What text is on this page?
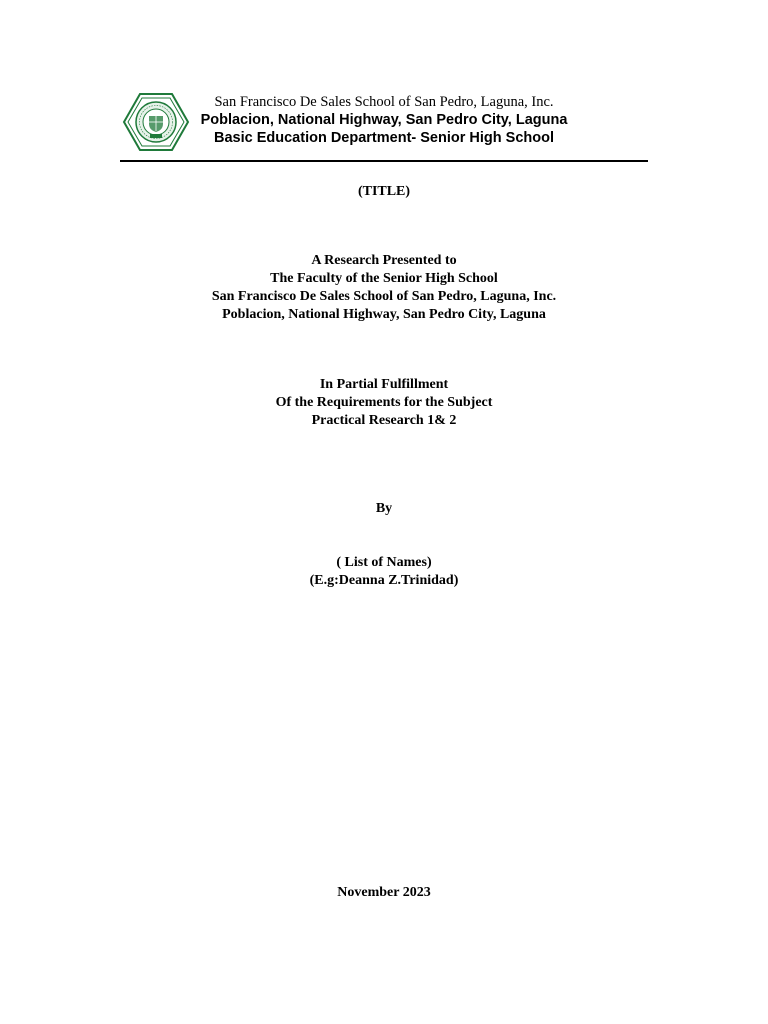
San Francisco De Sales School of San Pedro, Laguna, Inc.
Poblacion, National Highway, San Pedro City, Laguna
Basic Education Department- Senior High School
(TITLE)
A Research Presented to
The Faculty of the Senior High School
San Francisco De Sales School of San Pedro, Laguna, Inc.
Poblacion, National Highway, San Pedro City, Laguna
In Partial Fulfillment
Of the Requirements for the Subject
Practical Research 1& 2
By
( List of Names)
(E.g:Deanna Z.Trinidad)
November 2023
